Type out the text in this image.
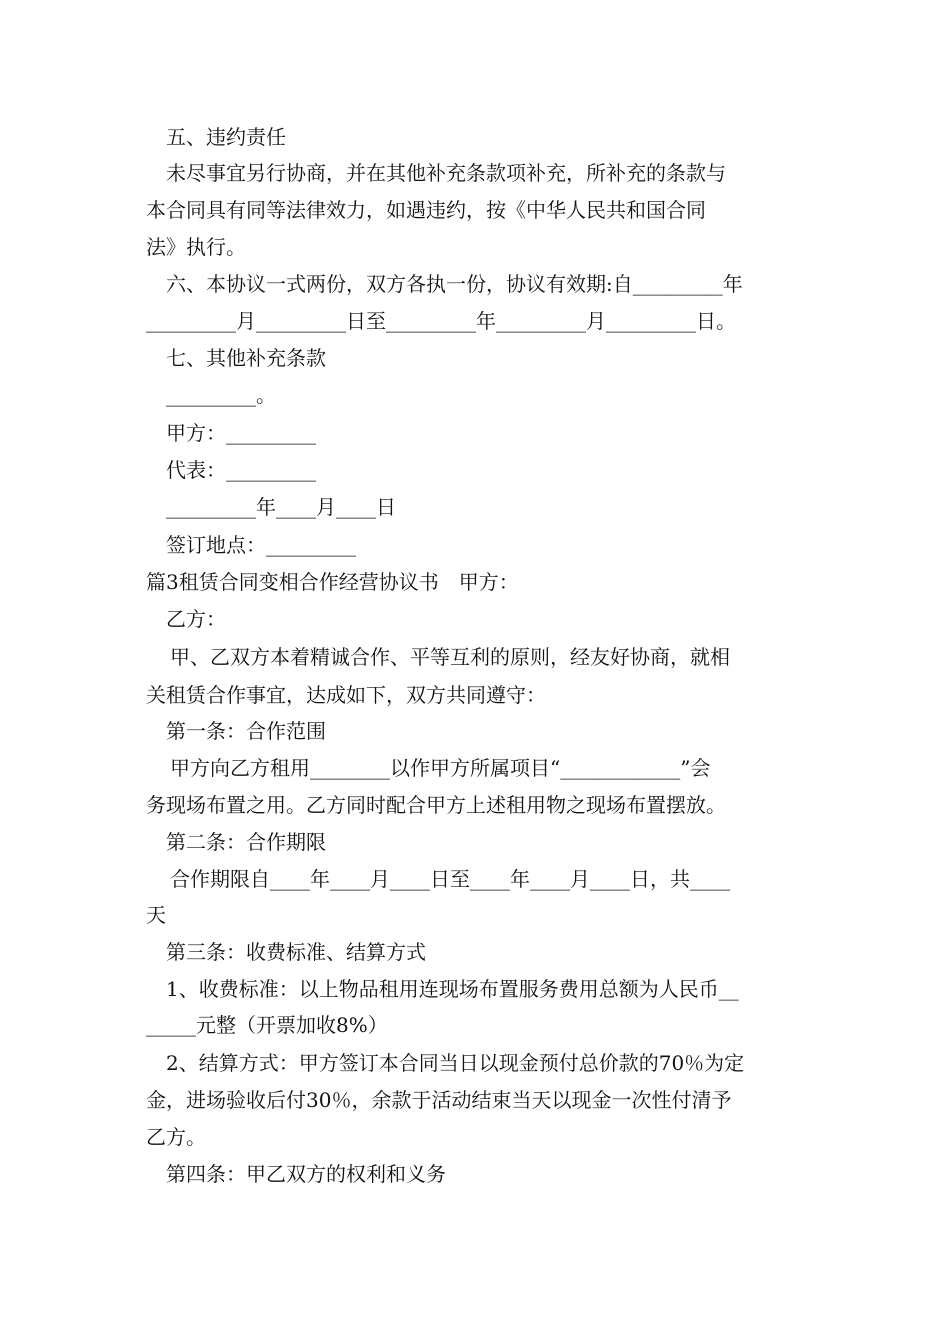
五、违约责任
未尽事宜另行协商，并在其他补充条款项补充，所补充的条款与
本合同具有同等法律效力，如遇违约，按《中华人民共和国合同
法》执行。
六、本协议一式两份，双方各执一份，协议有效期:自_________年
_________月_________日至_________年_________月_________日。
七、其他补充条款
_________。
甲方：_________
代表：_________
_________年____月____日
签订地点：_________
篇3租赁合同变相合作经营协议书　甲方：
乙方：
甲、乙双方本着精诚合作、平等互利的原则，经友好协商，就相
关租赁合作事宜，达成如下，双方共同遵守：
第一条：合作范围
甲方向乙方租用________以作甲方所属项目“____________”会
务现场布置之用。乙方同时配合甲方上述租用物之现场布置摆放。
第二条：合作期限
合作期限自____年____月____日至____年____月____日，共____
天
第三条：收费标准、结算方式
1、收费标准：以上物品租用连现场布置服务费用总额为人民币__
_____元整（开票加收8%）
2、结算方式：甲方签订本合同当日以现金预付总价款的70％为定
金，进场验收后付30％，余款于活动结束当天以现金一次性付清予
乙方。
第四条：甲乙双方的权利和义务
